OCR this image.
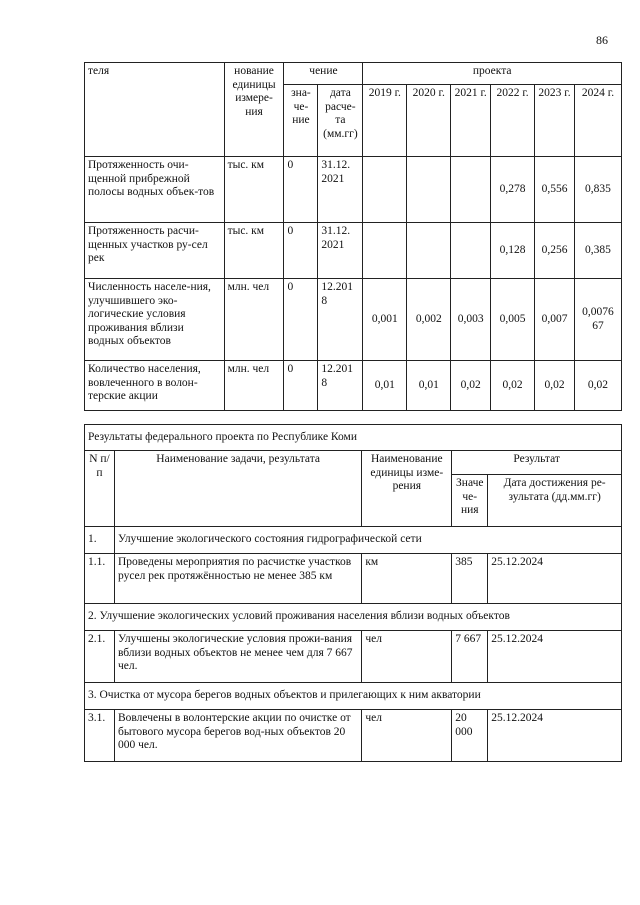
86
теля	нование единицы измере-ния	чение		проекта					
		зна-че-ние	дата расче-та (мм.гг)	2019 г.	2020 г.	2021 г.	2022 г.	2023 г.	2024 г.
Протяженность очи-щенной прибрежной полосы водных объек-тов	тыс. км	0	31.12. 2021				0,278	0,556	0,835
Протяженность расчи-щенных участков ру-сел рек	тыс. км	0	31.12. 2021				0,128	0,256	0,385
Численность населе-ния, улучшившего эко-логические условия проживания вблизи водных объектов	млн. чел	0	12.201 8	0,001	0,002	0,003	0,005	0,007	0,0076 67
Количество населения, вовлеченного в волон-терские акции	млн. чел	0	12.201 8	0,01	0,01	0,02	0,02	0,02	0,02
Результаты федерального проекта по Республике Коми				
N п/п	Наименование задачи, результата	Наименование единицы изме-рения	Результат	
			Значе че-ния	Дата достижения ре-зультата (дд.мм.гг)
1.	Улучшение экологического состояния гидрографической сети			
1.1.	Проведены мероприятия по расчистке участков русел рек протяжённостью не менее 385 км	км	385	25.12.2024
2. Улучшение экологических условий проживания населения вблизи водных объектов				
2.1.	Улучшены экологические условия прожи-вания вблизи водных объектов не менее чем для 7 667 чел.	чел	7 667	25.12.2024
3. Очистка от мусора берегов водных объектов и прилегающих к ним акватории				
3.1.	Вовлечены в волонтерские акции по очистке от бытового мусора берегов вод-ных объектов 20 000 чел.	чел	20 000	25.12.2024
